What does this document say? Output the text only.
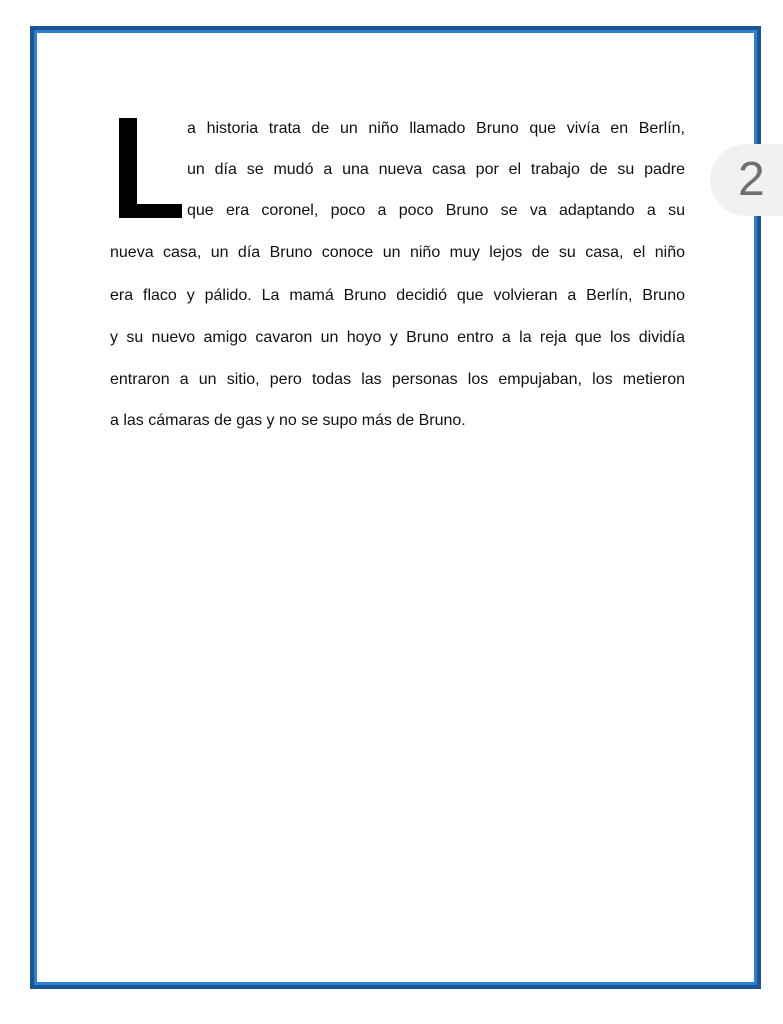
2
a historia trata de un niño llamado Bruno que vivía en Berlín,
un día se mudó a una nueva casa por el trabajo de su padre
que era coronel, poco a poco Bruno se va adaptando a su
nueva casa, un día Bruno conoce un niño muy lejos de su casa, el niño
era flaco y pálido. La mamá Bruno decidió que volvieran a Berlín, Bruno
y su nuevo amigo cavaron un hoyo y Bruno entro a la reja que los dividía
entraron a un sitio, pero todas las personas los empujaban, los metieron
a las cámaras de gas y no se supo más de Bruno.
